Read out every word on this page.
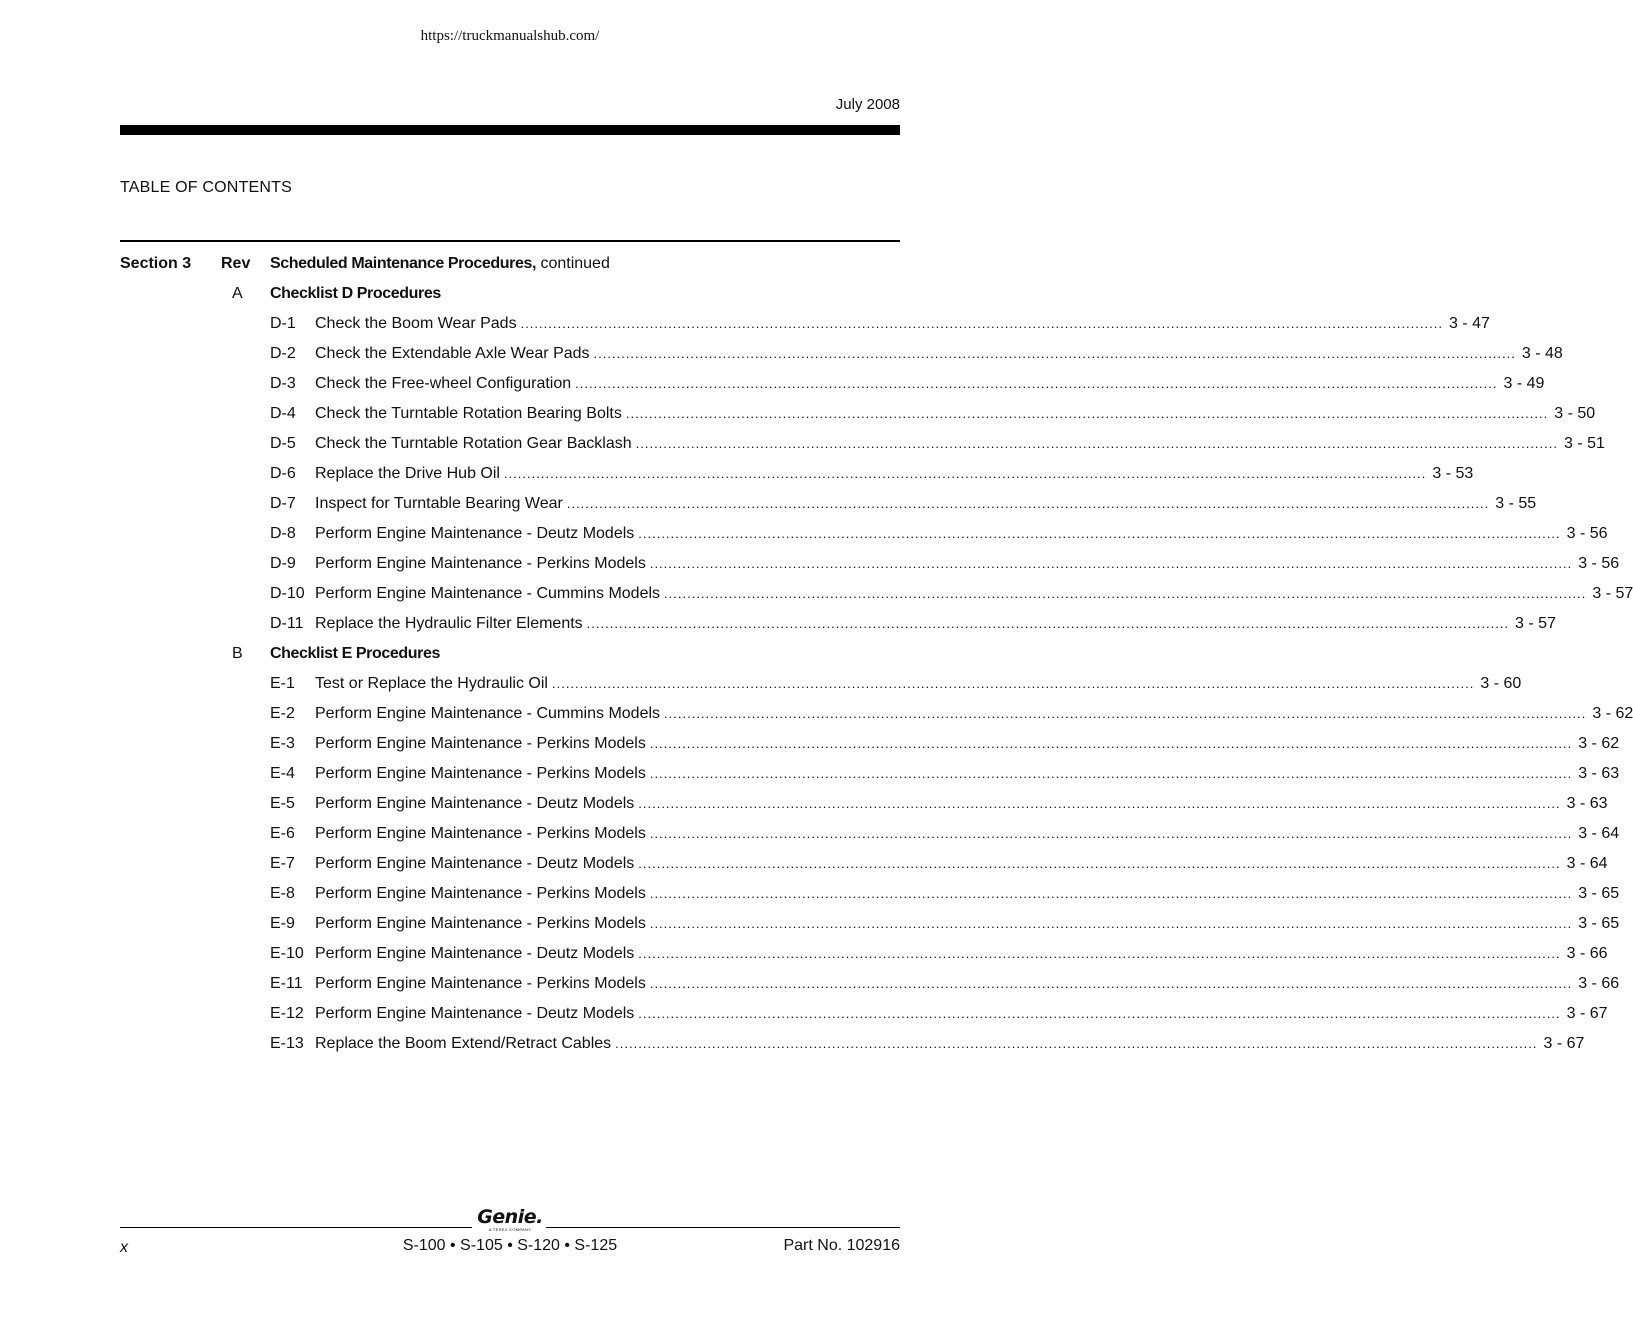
https://truckmanualshub.com/
July 2008
TABLE OF CONTENTS
Section 3 Rev Scheduled Maintenance Procedures, continued
A Checklist D Procedures
D-1 Check the Boom Wear Pads ........................................................................................................................................................................................................ 3 - 47
D-2 Check the Extendable Axle Wear Pads ........................................................................................................................................................................................................ 3 - 48
D-3 Check the Free-wheel Configuration ........................................................................................................................................................................................................ 3 - 49
D-4 Check the Turntable Rotation Bearing Bolts ........................................................................................................................................................................................................ 3 - 50
D-5 Check the Turntable Rotation Gear Backlash ........................................................................................................................................................................................................ 3 - 51
D-6 Replace the Drive Hub Oil ........................................................................................................................................................................................................ 3 - 53
D-7 Inspect for Turntable Bearing Wear ........................................................................................................................................................................................................ 3 - 55
D-8 Perform Engine Maintenance - Deutz Models ........................................................................................................................................................................................................ 3 - 56
D-9 Perform Engine Maintenance - Perkins Models ........................................................................................................................................................................................................ 3 - 56
D-10 Perform Engine Maintenance - Cummins Models ........................................................................................................................................................................................................ 3 - 57
D-11 Replace the Hydraulic Filter Elements ........................................................................................................................................................................................................ 3 - 57
B Checklist E Procedures
E-1 Test or Replace the Hydraulic Oil ........................................................................................................................................................................................................ 3 - 60
E-2 Perform Engine Maintenance - Cummins Models ........................................................................................................................................................................................................ 3 - 62
E-3 Perform Engine Maintenance - Perkins Models ........................................................................................................................................................................................................ 3 - 62
E-4 Perform Engine Maintenance - Perkins Models ........................................................................................................................................................................................................ 3 - 63
E-5 Perform Engine Maintenance - Deutz Models ........................................................................................................................................................................................................ 3 - 63
E-6 Perform Engine Maintenance - Perkins Models ........................................................................................................................................................................................................ 3 - 64
E-7 Perform Engine Maintenance - Deutz Models ........................................................................................................................................................................................................ 3 - 64
E-8 Perform Engine Maintenance - Perkins Models ........................................................................................................................................................................................................ 3 - 65
E-9 Perform Engine Maintenance - Perkins Models ........................................................................................................................................................................................................ 3 - 65
E-10 Perform Engine Maintenance - Deutz Models ........................................................................................................................................................................................................ 3 - 66
E-11 Perform Engine Maintenance - Perkins Models ........................................................................................................................................................................................................ 3 - 66
E-12 Perform Engine Maintenance - Deutz Models ........................................................................................................................................................................................................ 3 - 67
E-13 Replace the Boom Extend/Retract Cables ........................................................................................................................................................................................................ 3 - 67
Genie.
A TEREX COMPANY
x	S-100 • S-105 • S-120 • S-125	Part No. 102916
